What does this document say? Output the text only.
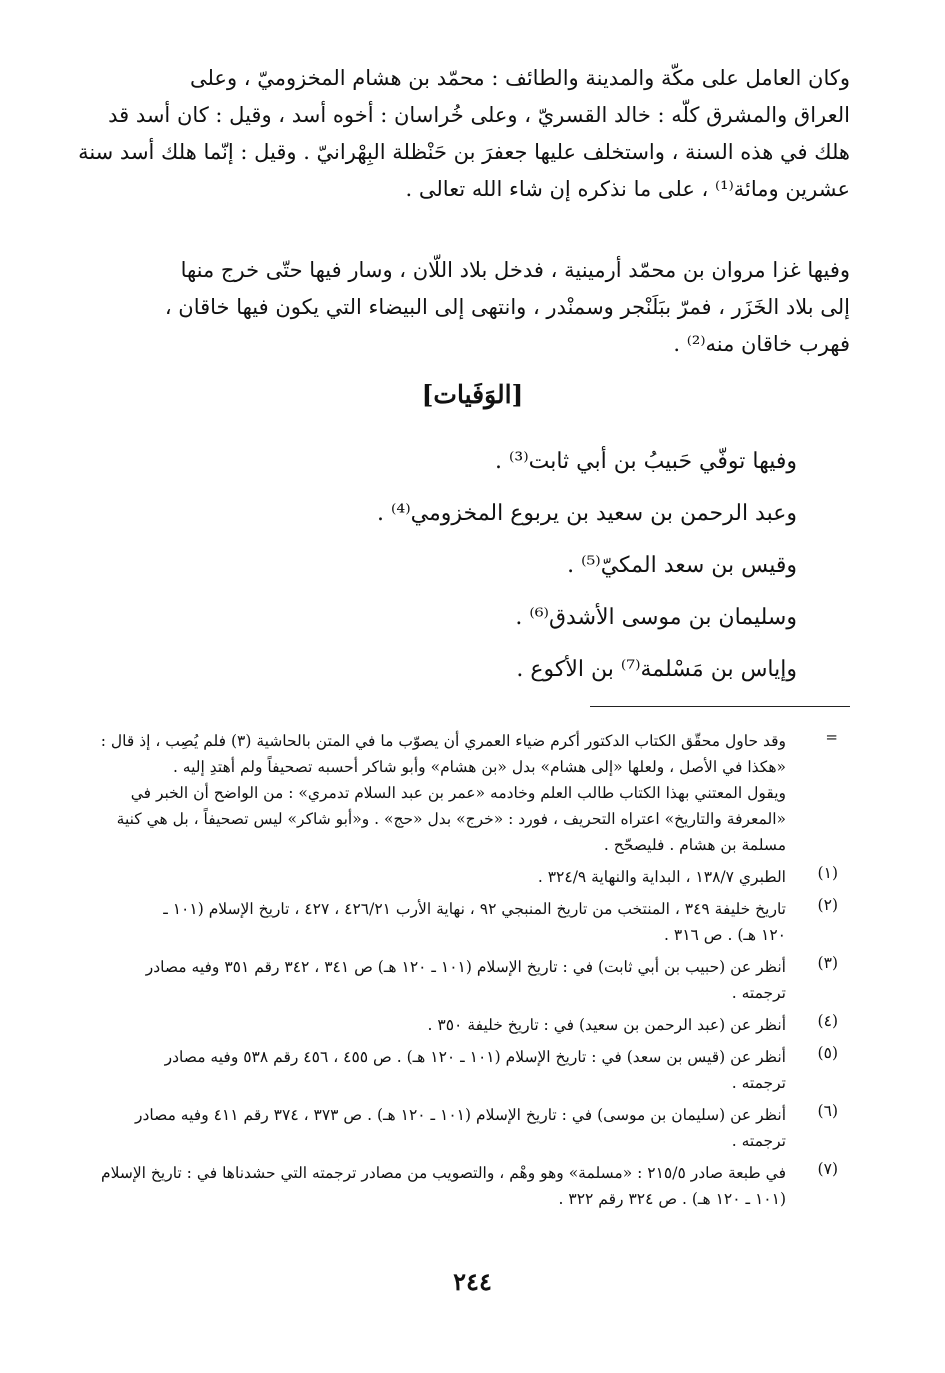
وكان العامل على مكّة والمدينة والطائف : محمّد بن هشام المخزوميّ ، وعلى
العراق والمشرق كلّه : خالد القسريّ ، وعلى خُراسان : أخوه أسد ، وقيل : كان أسد قد
هلك في هذه السنة ، واستخلف عليها جعفرَ بن حَنْظلة البِهْرانيّ . وقيل : إنّما هلك أسد سنة
عشرين ومائة⁽¹⁾ ، على ما نذكره إن شاء الله تعالى .
وفيها غزا مروان بن محمّد أرمينية ، فدخل بلاد اللّان ، وسار فيها حتّى خرج منها
إلى بلاد الخَزَر ، فمرّ ببَلَنْجر وسمنْدر ، وانتهى إلى البيضاء التي يكون فيها خاقان ،
فهرب خاقان منه⁽²⁾ .
[الوَفَيات]
وفيها توفّي حَبيبُ بن أبي ثابت⁽³⁾ .
وعبد الرحمن بن سعيد بن يربوع المخزومي⁽⁴⁾ .
وقيس بن سعد المكيّ⁽⁵⁾ .
وسليمان بن موسى الأشدق⁽⁶⁾ .
وإياس بن مَسْلمة⁽⁷⁾ بن الأكوع .
=
وقد حاول محقّق الكتاب الدكتور أكرم ضياء العمري أن يصوّب ما في المتن بالحاشية (٣) فلم يُصِب ، إذ قال :
«هكذا في الأصل ، ولعلها «إلى هشام» بدل «بن هشام» وأبو شاكر أحسبه تصحيفاً ولم أهتدِ إليه .
ويقول المعتني بهذا الكتاب طالب العلم وخادمه «عمر بن عبد السلام تدمري» : من الواضح أن الخبر في
«المعرفة والتاريخ» اعتراه التحريف ، فورد : «خرج» بدل «حج» . و«أبو شاكر» ليس تصحيفاً ، بل هي كنية
مسلمة بن هشام . فليصحّح .
(١)
الطبري ١٣٨/٧ ، البداية والنهاية ٣٢٤/٩ .
(٢)
تاريخ خليفة ٣٤٩ ، المنتخب من تاريخ المنبجي ٩٢ ، نهاية الأرب ٤٢٦/٢١ ، ٤٢٧ ، تاريخ الإسلام (١٠١ ـ
١٢٠ هـ) . ص ٣١٦ .
(٣)
أنظر عن (حبيب بن أبي ثابت) في : تاريخ الإسلام (١٠١ ـ ١٢٠ هـ) ص ٣٤١ ، ٣٤٢ رقم ٣٥١ وفيه مصادر
ترجمته .
(٤)
أنظر عن (عبد الرحمن بن سعيد) في : تاريخ خليفة ٣٥٠ .
(٥)
أنظر عن (قيس بن سعد) في : تاريخ الإسلام (١٠١ ـ ١٢٠ هـ) . ص ٤٥٥ ، ٤٥٦ رقم ٥٣٨ وفيه مصادر
ترجمته .
(٦)
أنظر عن (سليمان بن موسى) في : تاريخ الإسلام (١٠١ ـ ١٢٠ هـ) . ص ٣٧٣ ، ٣٧٤ رقم ٤١١ وفيه مصادر
ترجمته .
(٧)
في طبعة صادر ٢١٥/٥ : «مسلمة» وهو وهْم ، والتصويب من مصادر ترجمته التي حشدناها في : تاريخ الإسلام
(١٠١ ـ ١٢٠ هـ) . ص ٣٢٤ رقم ٣٢٢ .
٢٤٤
